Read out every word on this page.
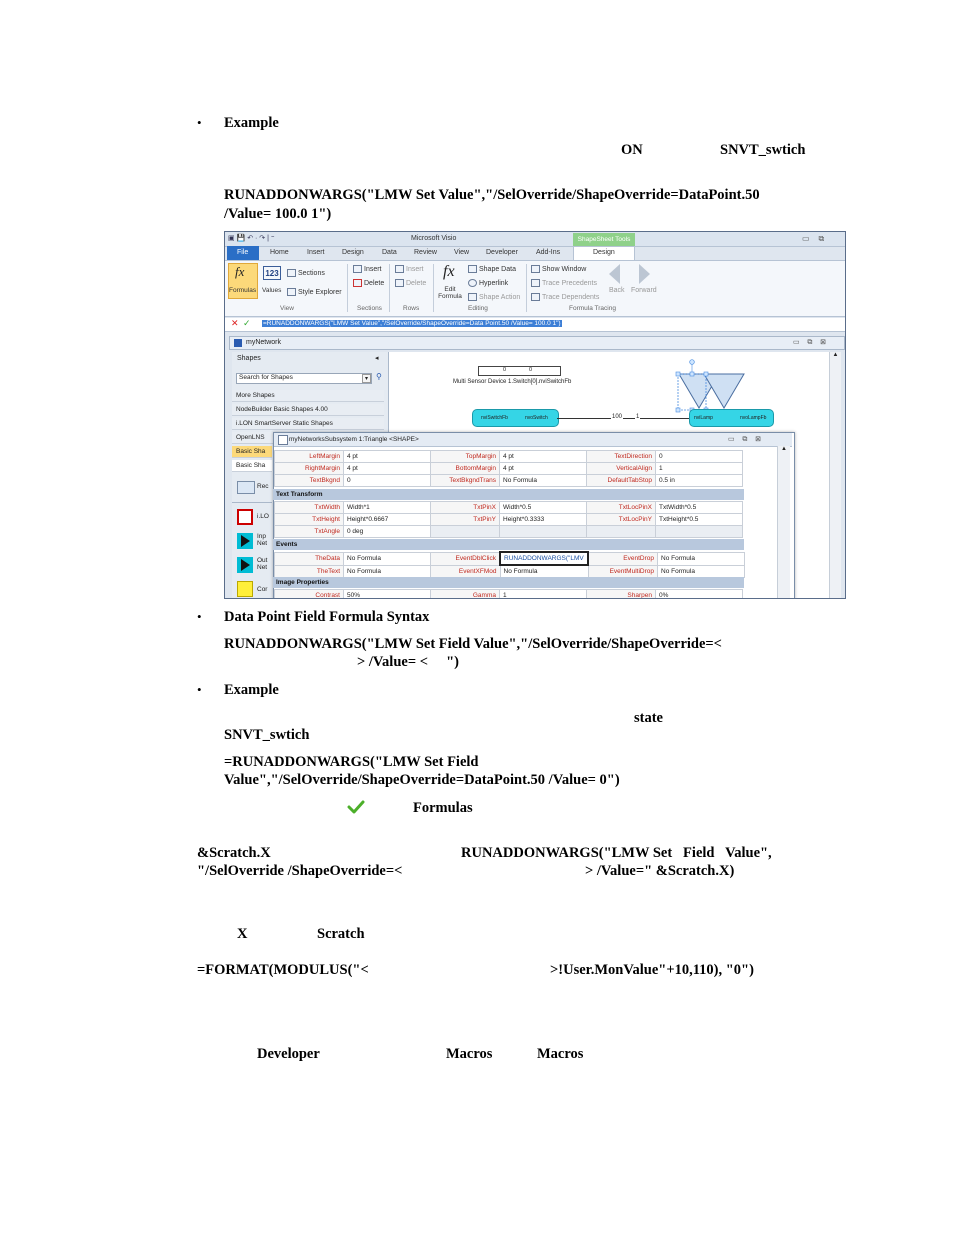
• Example
ON	SNVT_swtich
RUNADDONWARGS("LMW Set Value","/SelOverride/ShapeOverride=DataPoint.50
/Value= 100.0 1")
▣ 💾 ↶ · ↷ | ⁼	Microsoft Visio	ShapeSheet Tools	▭    ⧉
File	Home	Insert Design	Data Review View Developer	Add-Ins	Design
fx
Formulas
123
Values
Sections
Style Explorer
Insert
Delete
Insert
Delete
fx
Edit Formula
Shape Data
Hyperlink
Shape Action
Show Window
Trace Precedents
Trace Dependents
Back Forward
View	Sections	Rows	Editing	Formula Tracing
✕ ✓ =RUNADDONWARGS("LMW Set Value","/SelOverride/ShapeOverride=Data Point.50 /Value= 100.0 1")
myNetwork	▭    ⧉    ⊠
Shapes	◂
Search for Shapes	▾	⚲
More Shapes
NodeBuilder Basic Shapes 4.00
i.LON SmartServer Static Shapes
OpenLNS
Basic Sha
Basic Sha
Rec
i.LO
Inp Net
Out Net
Cor
0	0
Multi Sensor Device 1.Switch[0].nviSwitchFb
nviSwitchFb	nvoSwitch	100 1	nviLamp	nvoLampFb
myNetworksSubsystem 1:Triangle <SHAPE>	▭    ⧉    ⊠
LeftMargin	4 pt	TopMargin	4 pt	TextDirection	0
RightMargin	4 pt	BottomMargin	4 pt	VerticalAlign	1
TextBkgnd	0	TextBkgndTrans	No Formula	DefaultTabStop	0.5 in
Text Transform
TxtWidth	Width*1	TxtPinX	Width*0.5	TxtLocPinX	TxtWidth*0.5
TxtHeight	Height*0.6667	TxtPinY	Height*0.3333	TxtLocPinY	TxtHeight*0.5
TxtAngle	0 deg				
Events
TheData	No Formula	EventDblClick	RUNADDONWARGS("LMV	EventDrop	No Formula
TheText	No Formula	EventXFMod	No Formula	EventMultiDrop	No Formula
Image Properties
Contrast	50%	Gamma	1	Sharpen	0%
▲
▲
• Data Point Field Formula Syntax
RUNADDONWARGS("LMW Set Field Value","/SelOverride/ShapeOverride=<
> /Value= <     ")
• Example
state
SNVT_swtich
=RUNADDONWARGS("LMW Set Field
Value","/SelOverride/ShapeOverride=DataPoint.50 /Value= 0")
Formulas
&Scratch.X	RUNADDONWARGS("LMW Set   Field   Value",
"/SelOverride /ShapeOverride=<	> /Value=" &Scratch.X)
X	Scratch
=FORMAT(MODULUS("<	>!User.MonValue"+10,110), "0")
Developer	Macros	Macros
